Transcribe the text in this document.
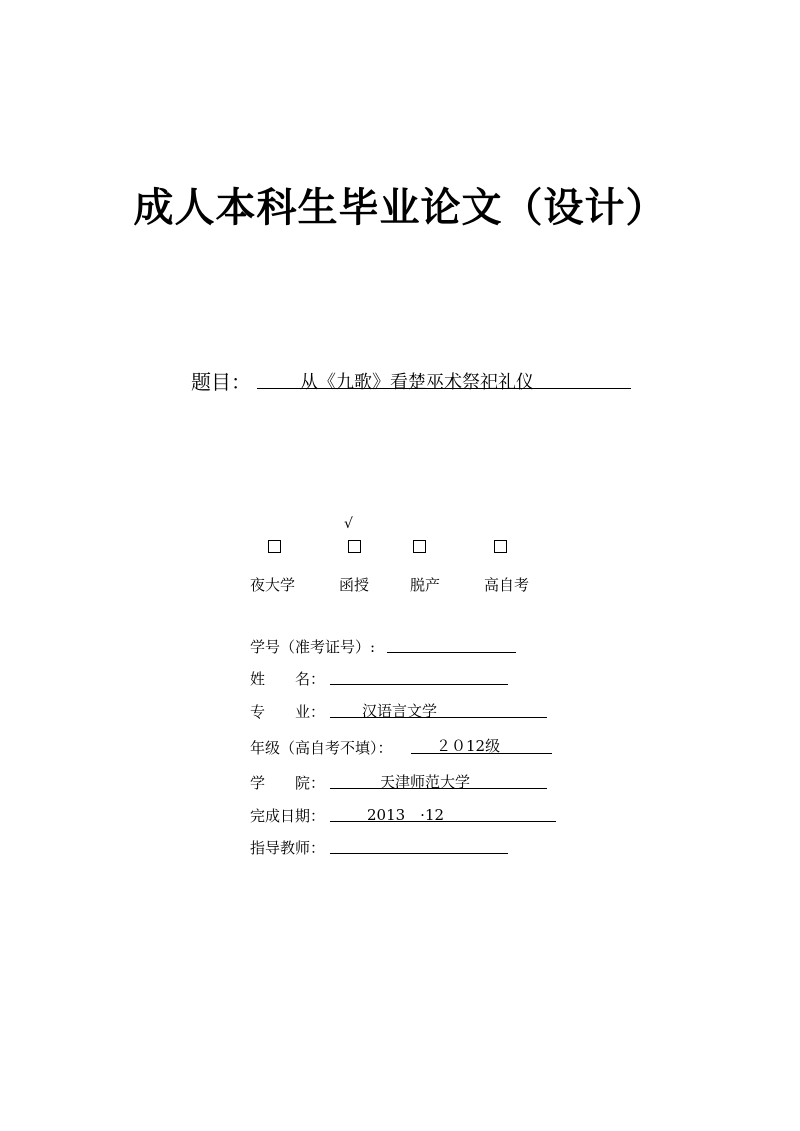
成人本科生毕业论文（设计）
题目：	从《九歌》看楚巫术祭祀礼仪
√
夜大学	函授	脱产	高自考
学号（准考证号）:
姓　　名：
专　　业： 汉语言文学
年级（高自考不填）：	２０12级
学　　院：	天津师范大学
完成日期：	2013　·12
指导教师：
